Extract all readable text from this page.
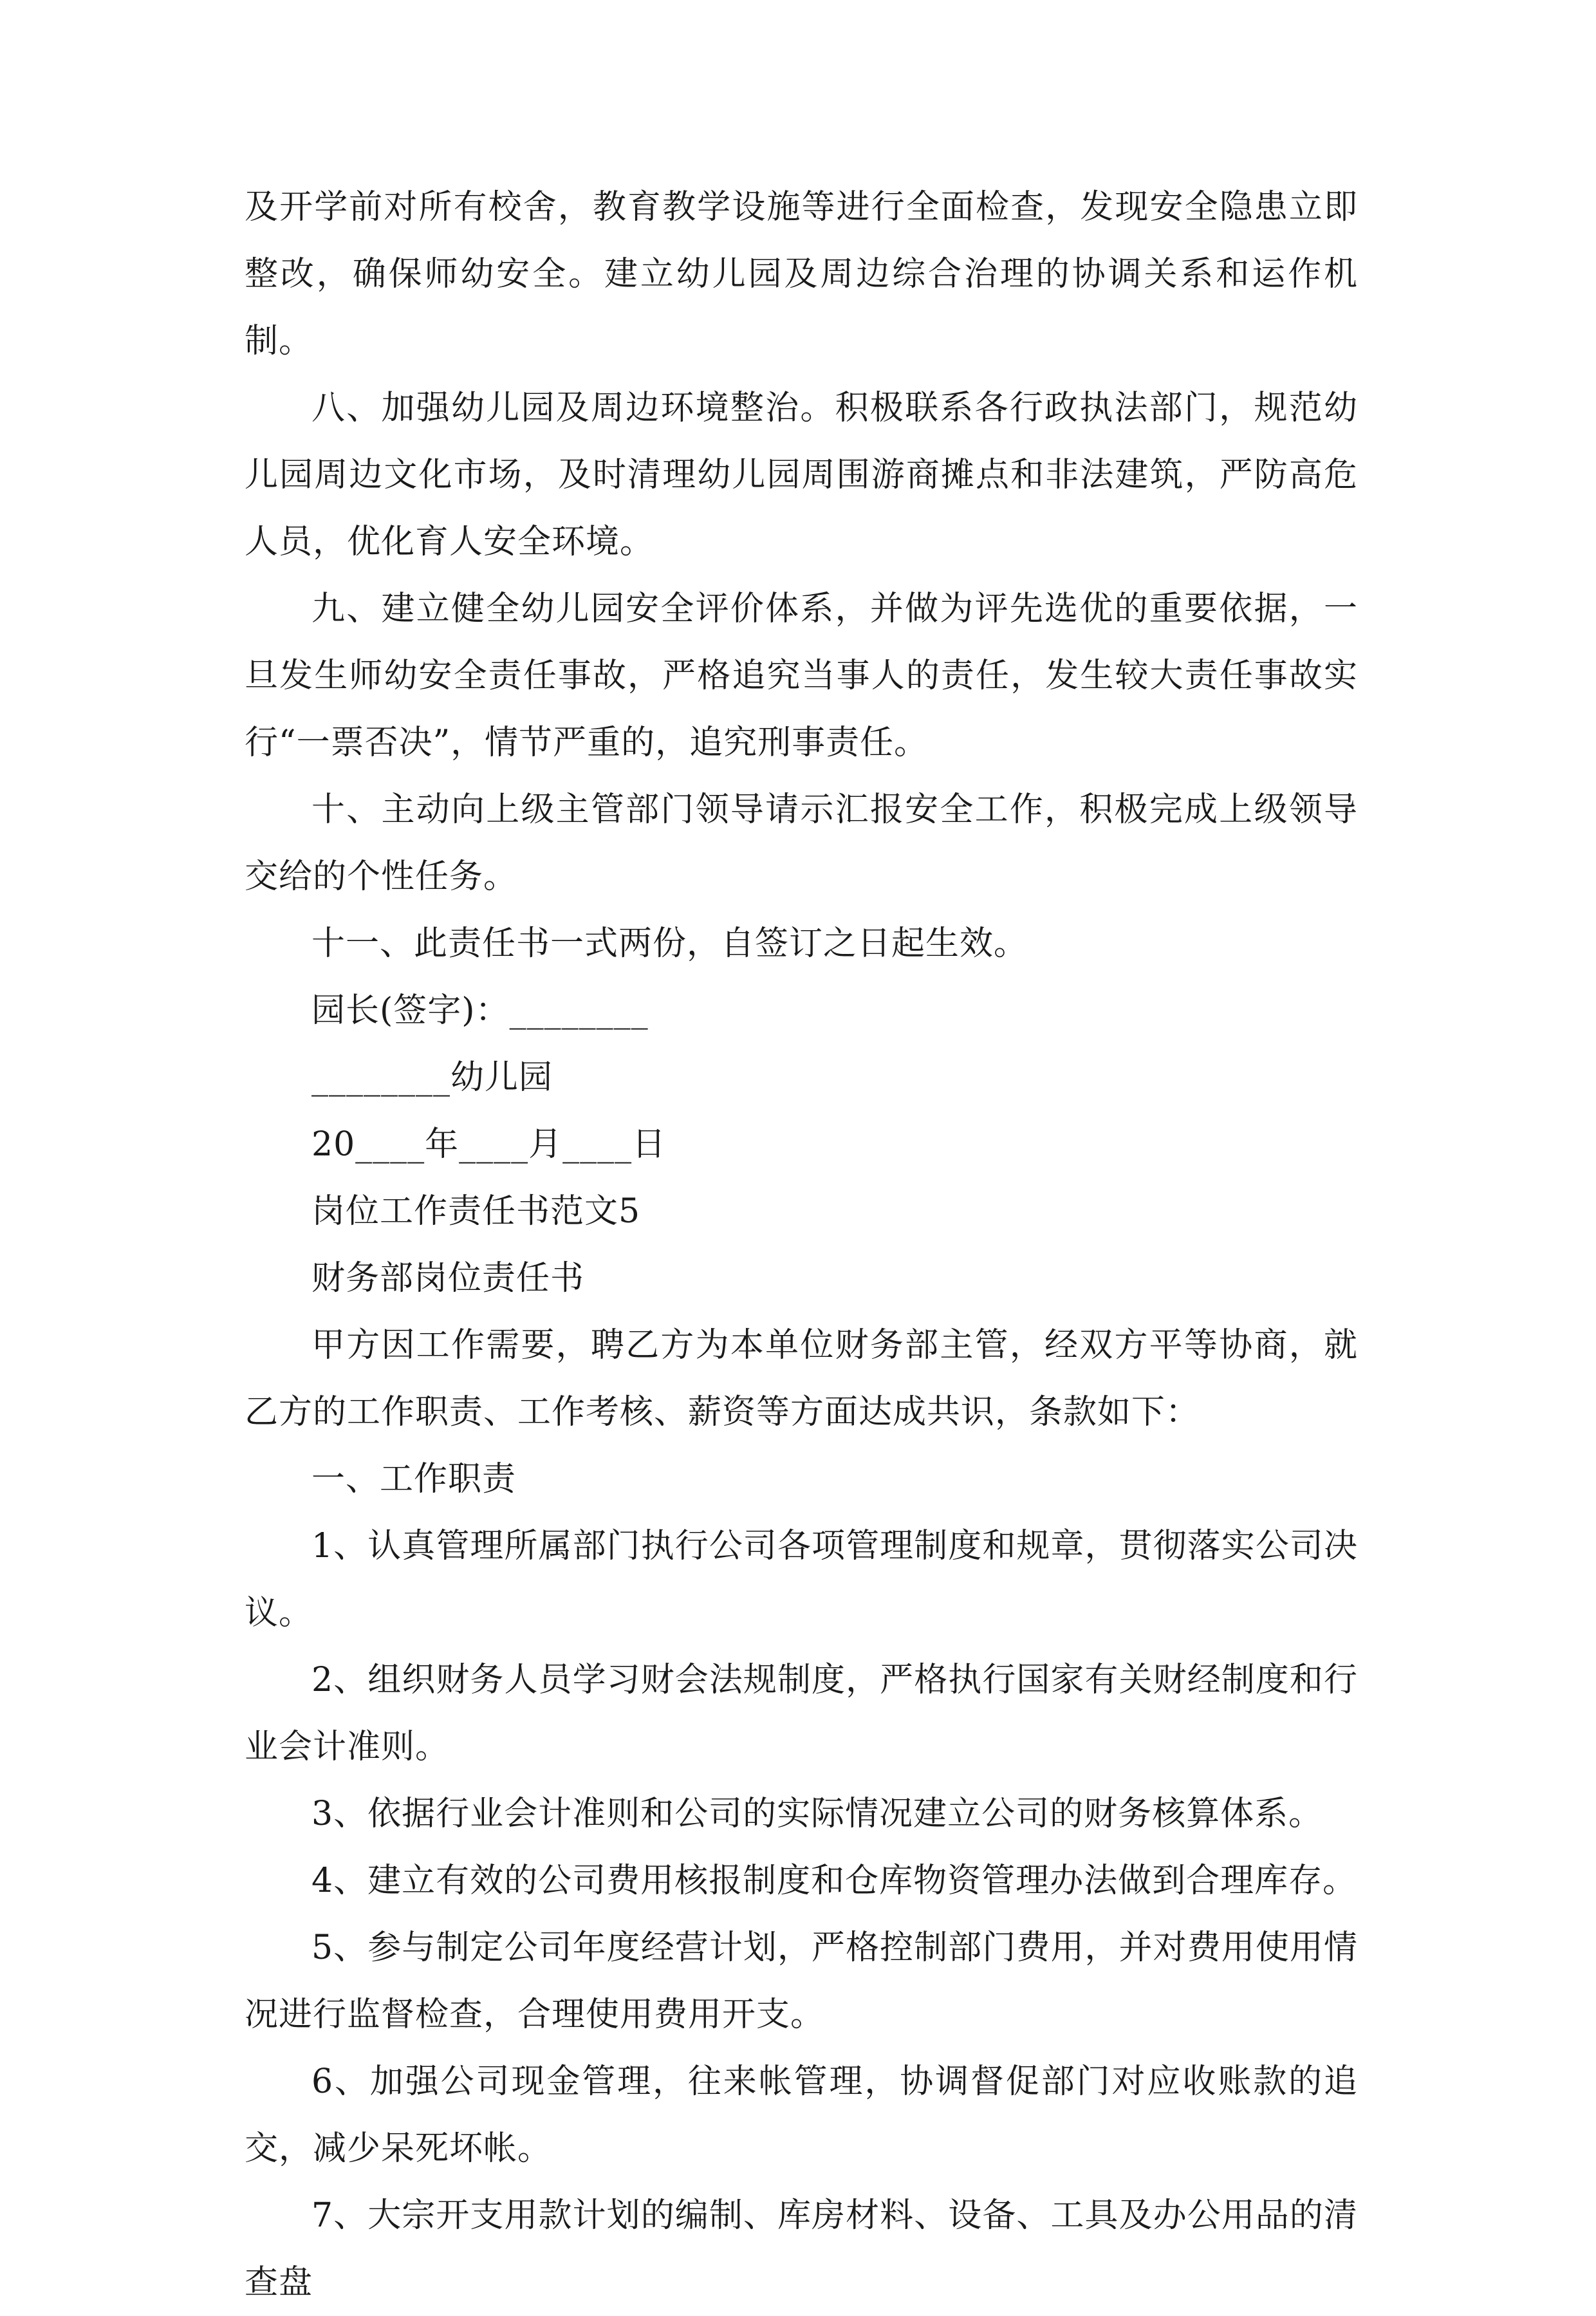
及开学前对所有校舍，教育教学设施等进行全面检查，发现安全隐患立即整改，确保师幼安全。建立幼儿园及周边综合治理的协调关系和运作机制。

八、加强幼儿园及周边环境整治。积极联系各行政执法部门，规范幼儿园周边文化市场，及时清理幼儿园周围游商摊点和非法建筑，严防高危人员，优化育人安全环境。

九、建立健全幼儿园安全评价体系，并做为评先选优的重要依据，一旦发生师幼安全责任事故，严格追究当事人的责任，发生较大责任事故实行“一票否决”，情节严重的，追究刑事责任。

十、主动向上级主管部门领导请示汇报安全工作，积极完成上级领导交给的个性任务。

十一、此责任书一式两份，自签订之日起生效。

园长(签字)：________

________幼儿园

20____年____月____日

岗位工作责任书范文5

财务部岗位责任书

甲方因工作需要，聘乙方为本单位财务部主管，经双方平等协商，就乙方的工作职责、工作考核、薪资等方面达成共识，条款如下：

一、工作职责

1、认真管理所属部门执行公司各项管理制度和规章，贯彻落实公司决议。

2、组织财务人员学习财会法规制度，严格执行国家有关财经制度和行业会计准则。

3、依据行业会计准则和公司的实际情况建立公司的财务核算体系。

4、建立有效的公司费用核报制度和仓库物资管理办法做到合理库存。

5、参与制定公司年度经营计划，严格控制部门费用，并对费用使用情况进行监督检查，合理使用费用开支。

6、加强公司现金管理，往来帐管理，协调督促部门对应收账款的追交，减少呆死坏帐。

7、大宗开支用款计划的编制、库房材料、设备、工具及办公用品的清查盘
